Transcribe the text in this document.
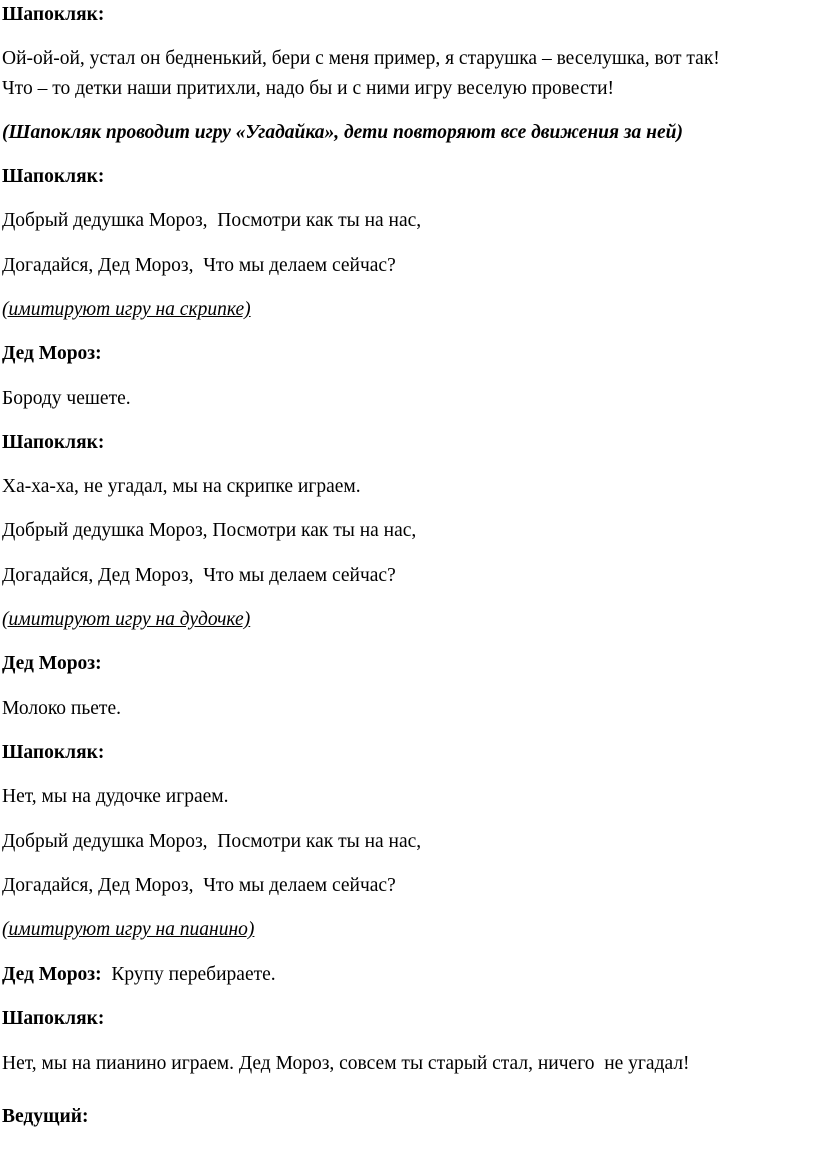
Шапокляк:

Ой-ой-ой, устал он бедненький, бери с меня пример, я старушка – веселушка, вот так!

Что – то детки наши притихли, надо бы и с ними игру веселую провести!

(Шапокляк проводит игру «Угадайка», дети повторяют все движения за ней)

Шапокляк:

Добрый дедушка Мороз,  Посмотри как ты на нас,

Догадайся, Дед Мороз,  Что мы делаем сейчас?

(имитируют игру на скрипке)

Дед Мороз:

Бороду чешете.

Шапокляк:

Ха-ха-ха, не угадал, мы на скрипке играем.

Добрый дедушка Мороз, Посмотри как ты на нас,

Догадайся, Дед Мороз,  Что мы делаем сейчас?

(имитируют игру на дудочке)

Дед Мороз:

Молоко пьете.

Шапокляк:

Нет, мы на дудочке играем.

Добрый дедушка Мороз,  Посмотри как ты на нас,

Догадайся, Дед Мороз,  Что мы делаем сейчас?

(имитируют игру на пианино)

Дед Мороз:  Крупу перебираете.

Шапокляк:

Нет, мы на пианино играем. Дед Мороз, совсем ты старый стал, ничего  не угадал!

Ведущий:
